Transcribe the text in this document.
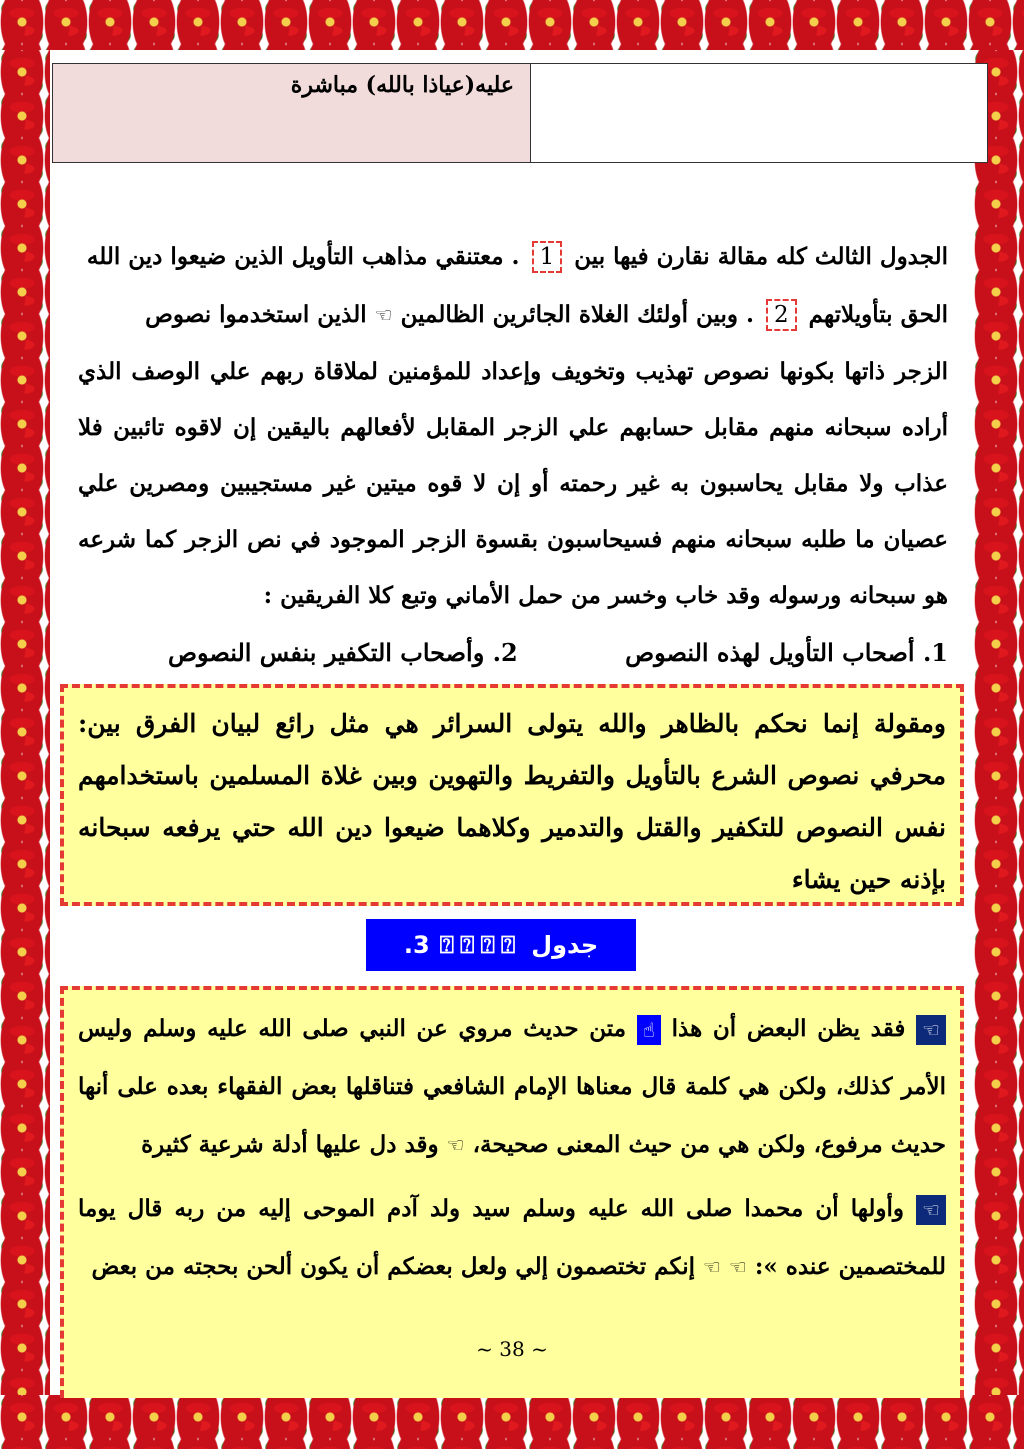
عليه(عياذا بالله) مباشرة

الجدول الثالث كله مقالة نقارن فيها بين 1 . معتنقي مذاهب التأويل الذين ضيعوا دين الله

الحق بتأويلاتهم 2 . وبين أولئك الغلاة الجائرين الظالمين ☜ الذين استخدموا نصوص

الزجر ذاتها بكونها نصوص تهذيب وتخويف وإعداد للمؤمنين لملاقاة ربهم علي الوصف الذي أراده سبحانه منهم مقابل حسابهم علي الزجر المقابل لأفعالهم باليقين إن لاقوه تائبين فلا عذاب ولا مقابل يحاسبون به غير رحمته أو إن لا قوه ميتين غير مستجيبين ومصرين علي عصيان ما طلبه سبحانه منهم فسيحاسبون بقسوة الزجر الموجود في نص الزجر كما شرعه هو سبحانه ورسوله وقد خاب وخسر من حمل الأماني وتبع كلا الفريقين :

1. أصحاب التأويل لهذه النصوص
2. وأصحاب التكفير بنفس النصوص
ومقولة إنما نحكم بالظاهر والله يتولى السرائر هي مثل رائع لبيان الفرق بين: محرفي نصوص الشرع بالتأويل والتفريط والتهوين وبين غلاة المسلمين باستخدامهم نفس النصوص للتكفير والقتل والتدمير وكلاهما ضيعوا دين الله حتي يرفعه سبحانه بإذنه حين يشاء
جدول
⍰⍰⍰⍰
3.

☜ فقد يظن البعض أن هذا ☝ متن حديث مروي عن النبي صلى الله عليه وسلم وليس الأمر كذلك، ولكن هي كلمة قال معناها الإمام الشافعي فتناقلها بعض الفقهاء بعده على أنها حديث مرفوع، ولكن هي من حيث المعنى صحيحة، ☜ وقد دل عليها أدلة شرعية كثيرة

☜ وأولها أن محمدا صلى الله عليه وسلم سيد ولد آدم الموحى إليه من ربه قال يوما للمختصمين عنده »: ☜ ☜ إنكم تختصمون إلي ولعل بعضكم أن يكون ألحن بحجته من بعض

~ 38 ~
